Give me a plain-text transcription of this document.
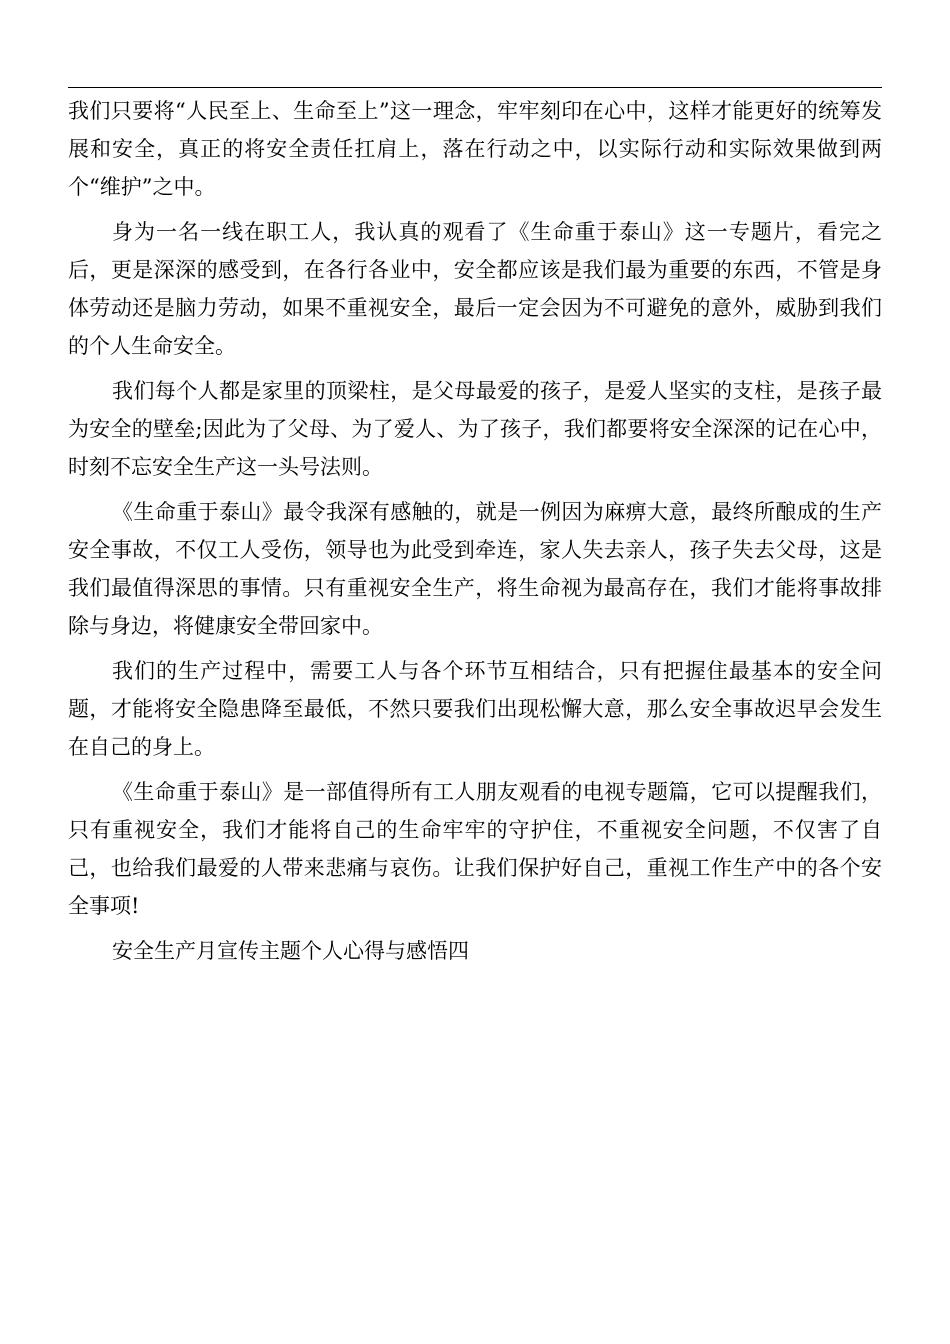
我们只要将“人民至上、生命至上”这一理念，牢牢刻印在心中，这样才能更好的统筹发展和安全，真正的将安全责任扛肩上，落在行动之中，以实际行动和实际效果做到两个“维护”之中。

身为一名一线在职工人，我认真的观看了《生命重于泰山》这一专题片，看完之后，更是深深的感受到，在各行各业中，安全都应该是我们最为重要的东西，不管是身体劳动还是脑力劳动，如果不重视安全，最后一定会因为不可避免的意外，威胁到我们的个人生命安全。

我们每个人都是家里的顶梁柱，是父母最爱的孩子，是爱人坚实的支柱，是孩子最为安全的壁垒;因此为了父母、为了爱人、为了孩子，我们都要将安全深深的记在心中，时刻不忘安全生产这一头号法则。

《生命重于泰山》最令我深有感触的，就是一例因为麻痹大意，最终所酿成的生产安全事故，不仅工人受伤，领导也为此受到牵连，家人失去亲人，孩子失去父母，这是我们最值得深思的事情。只有重视安全生产，将生命视为最高存在，我们才能将事故排除与身边，将健康安全带回家中。

我们的生产过程中，需要工人与各个环节互相结合，只有把握住最基本的安全问题，才能将安全隐患降至最低，不然只要我们出现松懈大意，那么安全事故迟早会发生在自己的身上。

《生命重于泰山》是一部值得所有工人朋友观看的电视专题篇，它可以提醒我们，只有重视安全，我们才能将自己的生命牢牢的守护住，不重视安全问题，不仅害了自己，也给我们最爱的人带来悲痛与哀伤。让我们保护好自己，重视工作生产中的各个安全事项!

安全生产月宣传主题个人心得与感悟四
